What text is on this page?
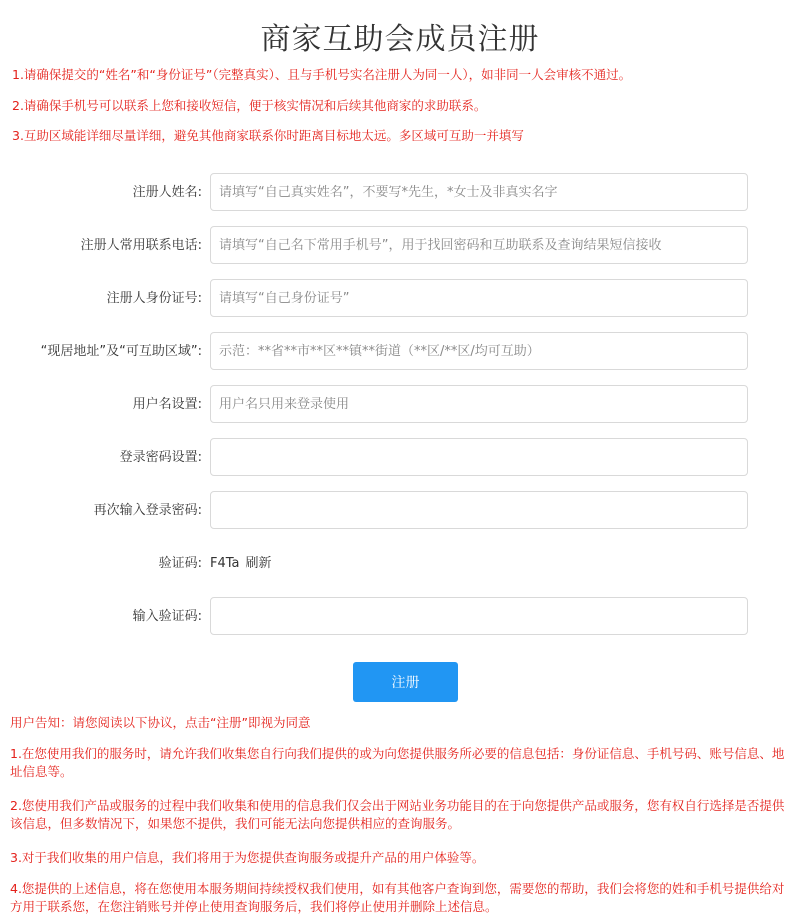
商家互助会成员注册
1.请确保提交的“姓名”和“身份证号”（完整真实）、且与手机号实名注册人为同一人），如非同一人会审核不通过。
2.请确保手机号可以联系上您和接收短信，便于核实情况和后续其他商家的求助联系。
3.互助区域能详细尽量详细，避免其他商家联系你时距离目标地太远。多区域可互助一并填写
注册人姓名:
请填写“自己真实姓名”，不要写*先生，*女士及非真实名字
注册人常用联系电话:
请填写“自己名下常用手机号”，用于找回密码和互助联系及查询结果短信接收
注册人身份证号:
请填写“自己身份证号”
“现居地址”及“可互助区域”:
示范：**省**市**区**镇**街道（**区/**区/均可互助）
用户名设置:
用户名只用来登录使用
登录密码设置:
再次输入登录密码:
验证码: F4Ta 刷新
输入验证码:
注册
用户告知：请您阅读以下协议，点击“注册”即视为同意
1.在您使用我们的服务时，请允许我们收集您自行向我们提供的或为向您提供服务所必要的信息包括：身份证信息、手机号码、账号信息、地址信息等。
2.您使用我们产品或服务的过程中我们收集和使用的信息我们仅会出于网站业务功能目的在于向您提供产品或服务，您有权自行选择是否提供该信息，但多数情况下，如果您不提供，我们可能无法向您提供相应的查询服务。
3.对于我们收集的用户信息，我们将用于为您提供查询服务或提升产品的用户体验等。
4.您提供的上述信息，将在您使用本服务期间持续授权我们使用，如有其他客户查询到您，需要您的帮助，我们会将您的姓和手机号提供给对方用于联系您，在您注销账号并停止使用查询服务后，我们将停止使用并删除上述信息。
